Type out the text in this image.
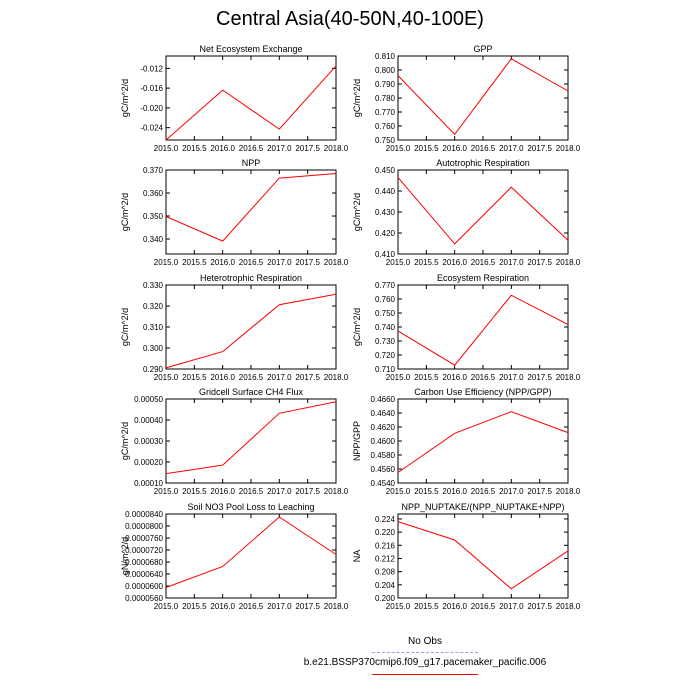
Central Asia(40-50N,40-100E)
Net Ecosystem Exchange
2015.0 2015.5 2016.0 2016.5 2017.0 2017.5 2018.0
-0.012
-0.016
-0.020
-0.024
gC/m^2/d
GPP
2015.0 2015.5 2016.0 2016.5 2017.0 2017.5 2018.0
0.810
0.800
0.790
0.780
0.770
0.760
0.750
gC/m^2/d
NPP
2015.0 2015.5 2016.0 2016.5 2017.0 2017.5 2018.0
0.370
0.360
0.350
0.340
gC/m^2/d
Autotrophic Respiration
2015.0 2015.5 2016.0 2016.5 2017.0 2017.5 2018.0
0.450
0.440
0.430
0.420
0.410
gC/m^2/d
Heterotrophic Respiration
2015.0 2015.5 2016.0 2016.5 2017.0 2017.5 2018.0
0.330
0.320
0.310
0.300
0.290
gC/m^2/d
Ecosystem Respiration
2015.0 2015.5 2016.0 2016.5 2017.0 2017.5 2018.0
0.770
0.760
0.750
0.740
0.730
0.720
0.710
gC/m^2/d
Gridcell Surface CH4 Flux
2015.0 2015.5 2016.0 2016.5 2017.0 2017.5 2018.0
0.00050
0.00040
0.00030
0.00020
0.00010
gC/m^2/d
Carbon Use Efficiency (NPP/GPP)
2015.0 2015.5 2016.0 2016.5 2017.0 2017.5 2018.0
0.4660
0.4640
0.4620
0.4600
0.4580
0.4560
0.4540
NPP/GPP
Soil NO3 Pool Loss to Leaching
2015.0 2015.5 2016.0 2016.5 2017.0 2017.5 2018.0
0.0000840
0.0000800
0.0000760
0.0000720
0.0000680
0.0000640
0.0000600
0.0000560
gN/m^2/d
NPP_NUPTAKE/(NPP_NUPTAKE+NPP)
2015.0 2015.5 2016.0 2016.5 2017.0 2017.5 2018.0
0.224
0.220
0.216
0.212
0.208
0.204
0.200
NA
No Obs
b.e21.BSSP370cmip6.f09_g17.pacemaker_pacific.006
